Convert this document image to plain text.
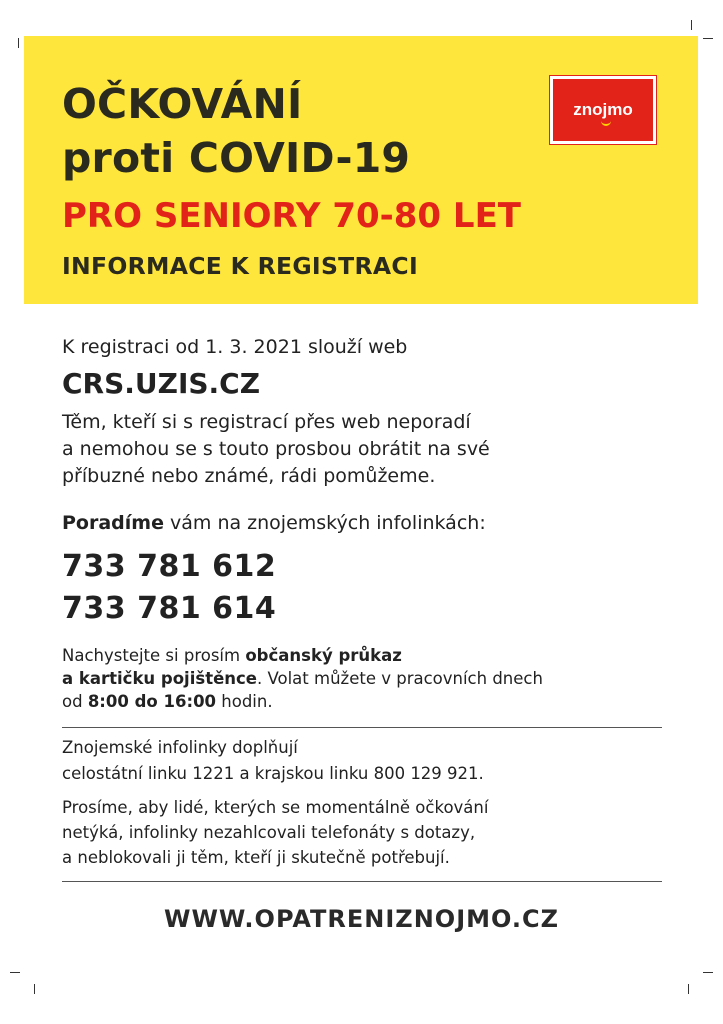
OČKOVÁNÍ
proti COVID-19
PRO SENIORY 70-80 LET
INFORMACE K REGISTRACI
znojmo

K registraci od 1. 3. 2021 slouží web

CRS.UZIS.CZ

Těm, kteří si s registrací přes web neporadí

a nemohou se s touto prosbou obrátit na své

příbuzné nebo známé, rádi pomůžeme.

Poradíme vám na znojemských infolinkách:

733 781 612

733 781 614

Nachystejte si prosím občanský průkaz

a kartičku pojištěnce. Volat můžete v pracovních dnech

od 8:00 do 16:00 hodin.

Znojemské infolinky doplňují

celostátní linku 1221 a krajskou linku 800 129 921.

Prosíme, aby lidé, kterých se momentálně očkování

netýká, infolinky nezahlcovali telefonáty s dotazy,

a neblokovali ji těm, kteří ji skutečně potřebují.

WWW.OPATRENIZNOJMO.CZ
